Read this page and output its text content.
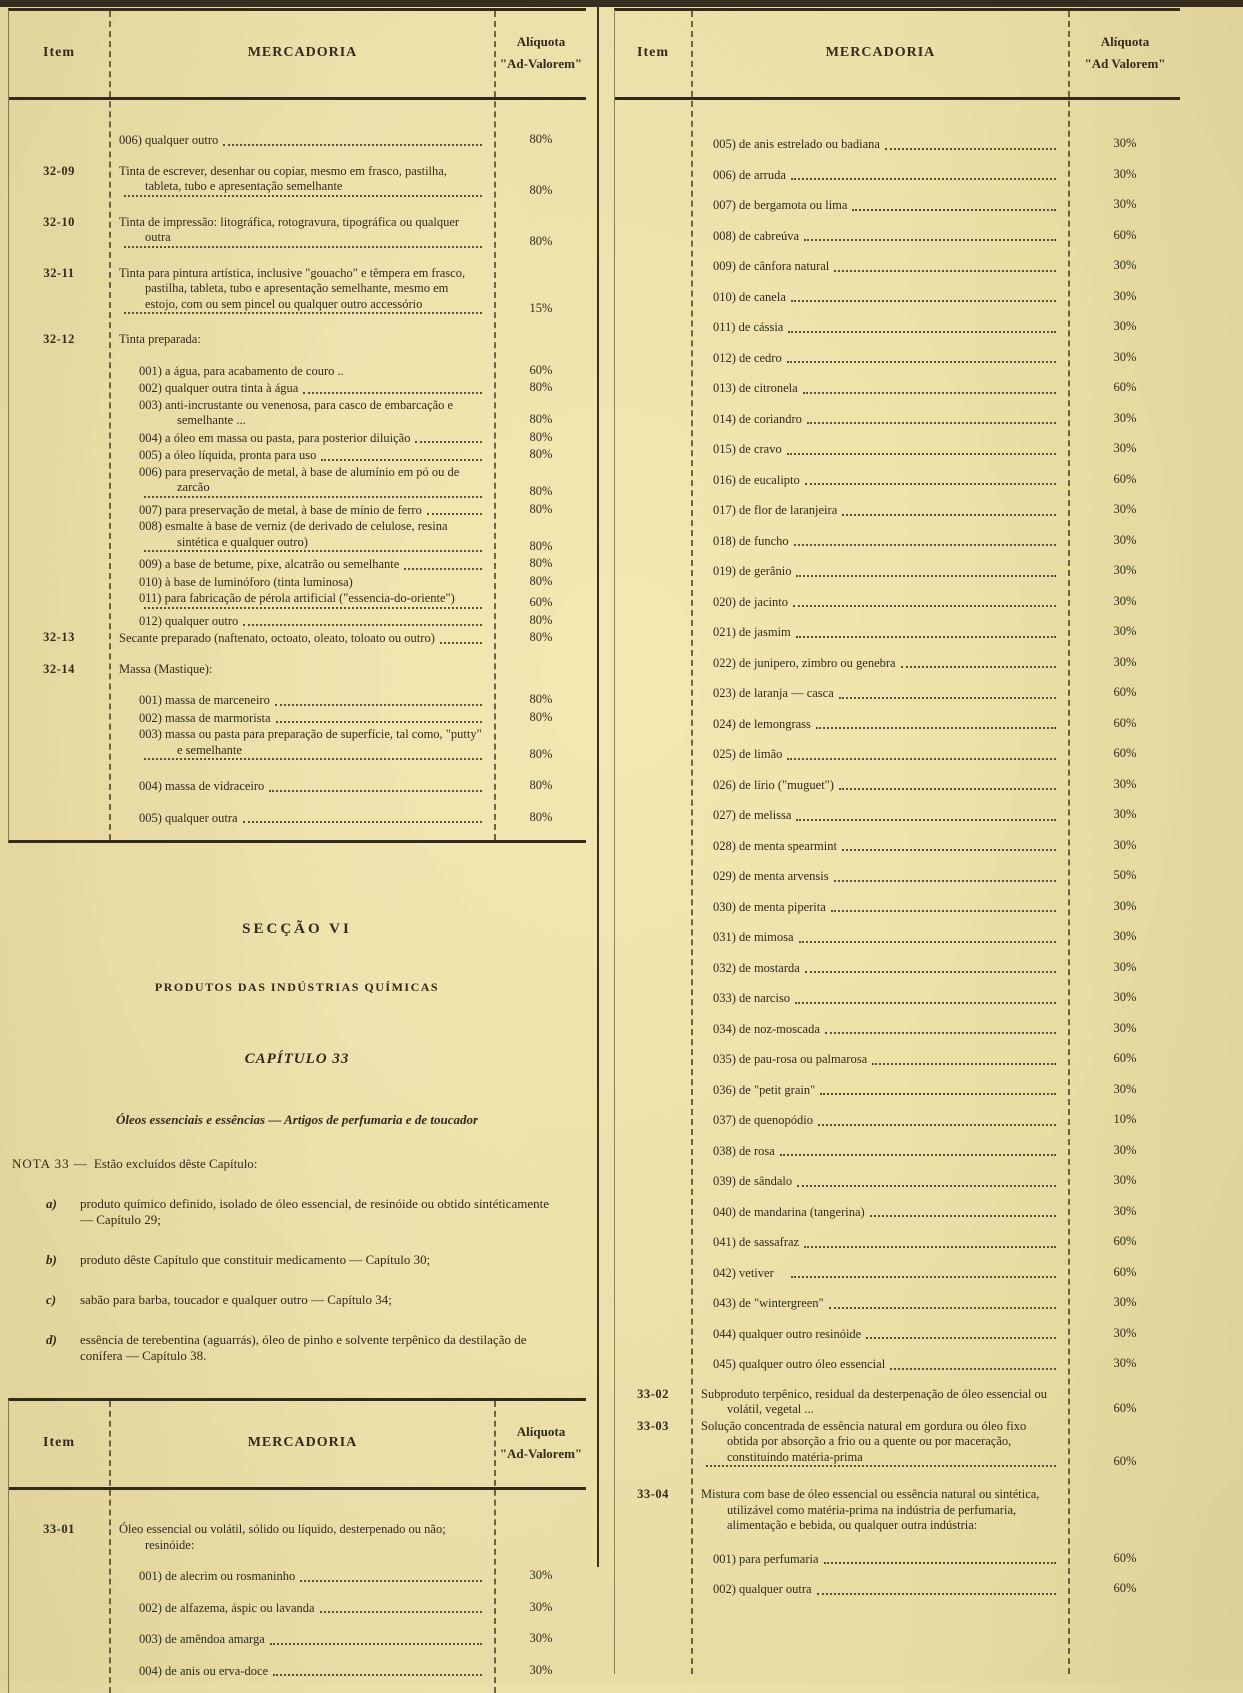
Item	MERCADORIA
Alíquota
"Ad-Valorem"
006) qualquer outro	80%
32-09	Tinta de escrever, desenhar ou copiar, mesmo em frasco, pastilha, tableta, tubo e apresentação semelhante	80%
32-10	Tinta de impressão: litográfica, rotogravura, tipográfica ou qualquer outra	80%
32-11	Tinta para pintura artística, inclusive "gouacho" e têmpera em frasco, pastilha, tableta, tubo e apresentação semelhante, mesmo em estojo, com ou sem pincel ou qualquer outro accessório	15%
32-12	Tinta preparada:
001) a água, para acabamento de couro ..	60%
002) qualquer outra tinta à água	80%
003) anti-incrustante ou venenosa, para casco de embarcação e semelhante ...	80%
004) a óleo em massa ou pasta, para posterior diluição	80%
005) a óleo líquida, pronta para uso	80%
006) para preservação de metal, à base de alumínio em pó ou de zarcão	80%
007) para preservação de metal, à base de mínio de ferro	80%
008) esmalte à base de verniz (de derivado de celulose, resina sintética e qualquer outro)	80%
009) a base de betume, pixe, alcatrão ou semelhante	80%
010) à base de luminóforo (tinta luminosa)	80%
011) para fabricação de pérola artificial ("essencia-do-oriente")	60%
012) qualquer outro	80%
32-13	Secante preparado (naftenato, octoato, oleato, toloato ou outro)	80%
32-14	Massa (Mastique):
001) massa de marceneiro	80%
002) massa de marmorista	80%
003) massa ou pasta para preparação de superfície, tal como, "putty" e semelhante	80%
004) massa de vidraceiro	80%
005) qualquer outra	80%
SECÇÃO VI
PRODUTOS DAS INDÚSTRIAS QUÍMICAS
CAPÍTULO 33
Óleos essenciais e essências — Artigos de perfumaria e de toucador
NOTA 33 — Estão excluídos dêste Capítulo:
a)	produto químico definido, isolado de óleo essencial, de resinóide ou obtido sintéticamente — Capítulo 29;
b)	produto dêste Capítulo que constituir medicamento — Capítulo 30;
c)	sabão para barba, toucador e qualquer outro — Capítulo 34;
d)	essência de terebentina (aguarrás), óleo de pinho e solvente terpênico da destilação de conífera — Capítulo 38.
Item	MERCADORIA
Alíquota
"Ad-Valorem"
33-01	Óleo essencial ou volátil, sólido ou líquido, desterpenado ou não; resinóide:
001) de alecrim ou rosmaninho	30%
002) de alfazema, áspic ou lavanda	30%
003) de amêndoa amarga	30%
004) de anis ou erva-doce	30%
Item	MERCADORIA
Alíquota
"Ad Valorem"
005) de anis estrelado ou badiana	30%
006) de arruda	30%
007) de bergamota ou lima	30%
008) de cabreúva	60%
009) de cânfora natural	30%
010) de canela	30%
011) de cássia	30%
012) de cedro	30%
013) de citronela	60%
014) de coriandro	30%
015) de cravo	30%
016) de eucalipto	60%
017) de flor de laranjeira	30%
018) de funcho	30%
019) de gerânio	30%
020) de jacinto	30%
021) de jasmim	30%
022) de junipero, zimbro ou genebra	30%
023) de laranja — casca	60%
024) de lemongrass	60%
025) de limão	60%
026) de lírio ("muguet")	30%
027) de melissa	30%
028) de menta spearmint	30%
029) de menta arvensis	50%
030) de menta piperita	30%
031) de mimosa	30%
032) de mostarda	30%
033) de narciso	30%
034) de noz-moscada	30%
035) de pau-rosa ou palmarosa	60%
036) de "petit grain"	30%
037) de quenopódio	10%
038) de rosa	30%
039) de sândalo	30%
040) de mandarina (tangerina)	30%
041) de sassafraz	60%
042) vetiver	60%
043) de "wintergreen"	30%
044) qualquer outro resinóide	30%
045) qualquer outro óleo essencial	30%
33-02	Subproduto terpênico, residual da desterpenação de óleo essencial ou volátil, vegetal ...	60%
33-03	Solução concentrada de essência natural em gordura ou óleo fixo obtida por absorção a frio ou a quente ou por maceração, constituindo matéria-prima	60%
33-04	Mistura com base de óleo essencial ou essência natural ou sintética, utilizável como matéria-prima na indústria de perfumaria, alimentação e bebida, ou qualquer outra indústria:
001) para perfumaria	60%
002) qualquer outra	60%
